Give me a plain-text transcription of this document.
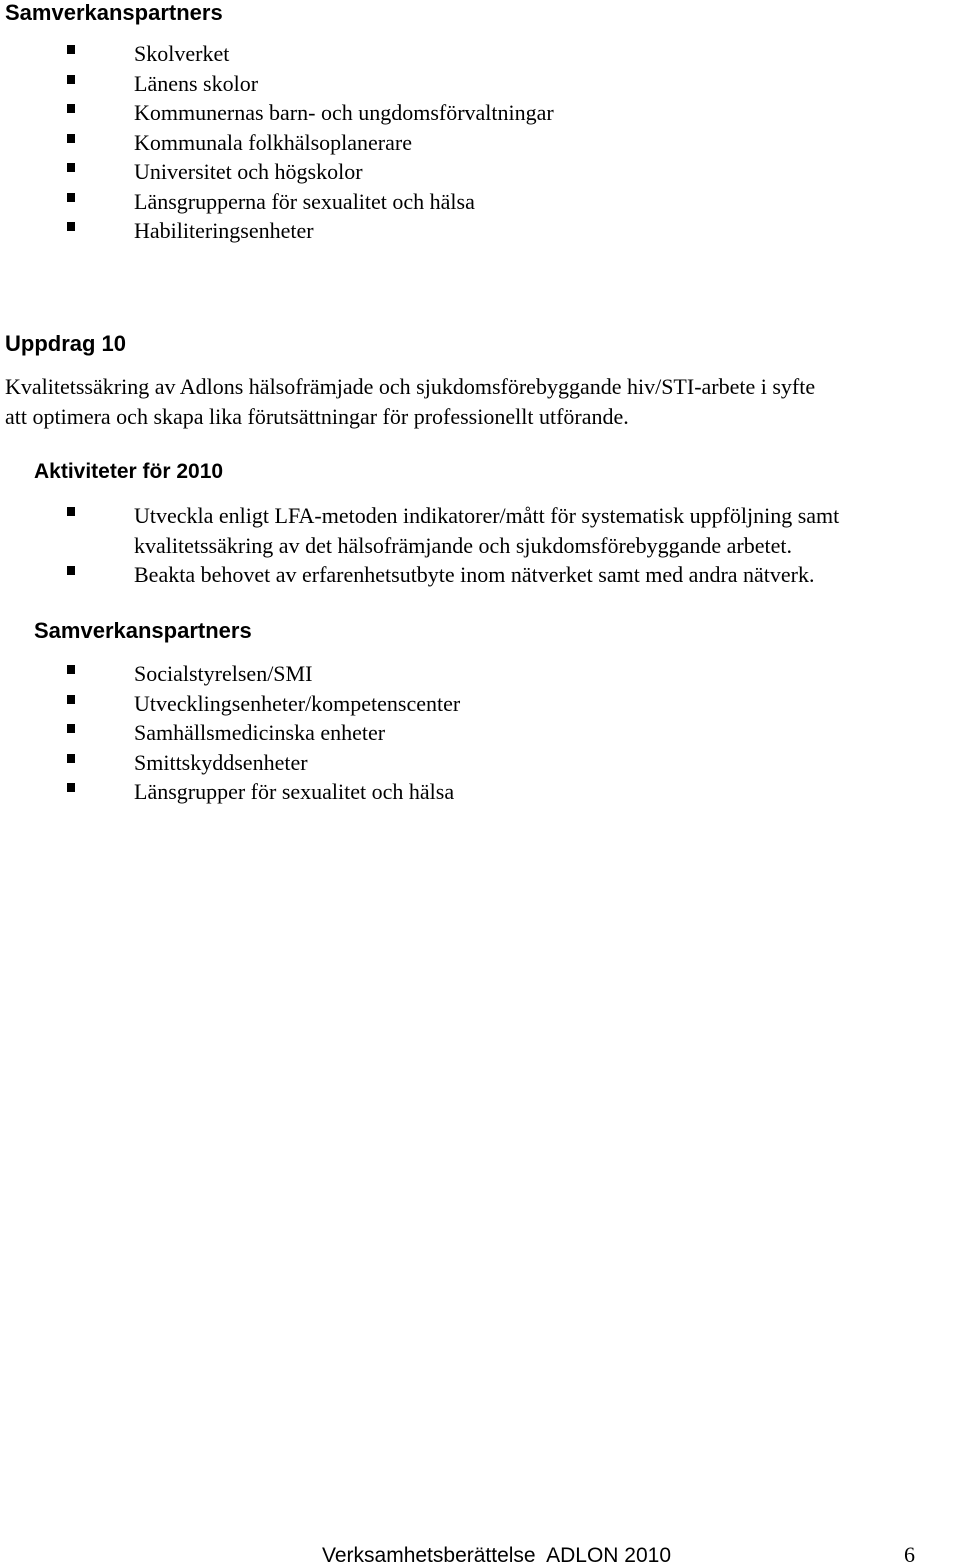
Samverkanspartners
Skolverket
Länens skolor
Kommunernas barn- och ungdomsförvaltningar
Kommunala folkhälsoplanerare
Universitet och högskolor
Länsgrupperna för sexualitet och hälsa
Habiliteringsenheter
Uppdrag 10

Kvalitetssäkring av Adlons hälsofrämjade och sjukdomsförebyggande hiv/STI-arbete i syfte
att optimera och skapa lika förutsättningar för professionellt utförande.

Aktiviteter för 2010
Utveckla enligt LFA-metoden indikatorer/mått för systematisk uppföljning samt
kvalitetssäkring av det hälsofrämjande och sjukdomsförebyggande arbetet.
Beakta behovet av erfarenhetsutbyte inom nätverket samt med andra nätverk.
Samverkanspartners
Socialstyrelsen/SMI
Utvecklingsenheter/kompetenscenter
Samhällsmedicinska enheter
Smittskyddsenheter
Länsgrupper för sexualitet och hälsa
Verksamhetsberättelse  ADLON 2010	6
